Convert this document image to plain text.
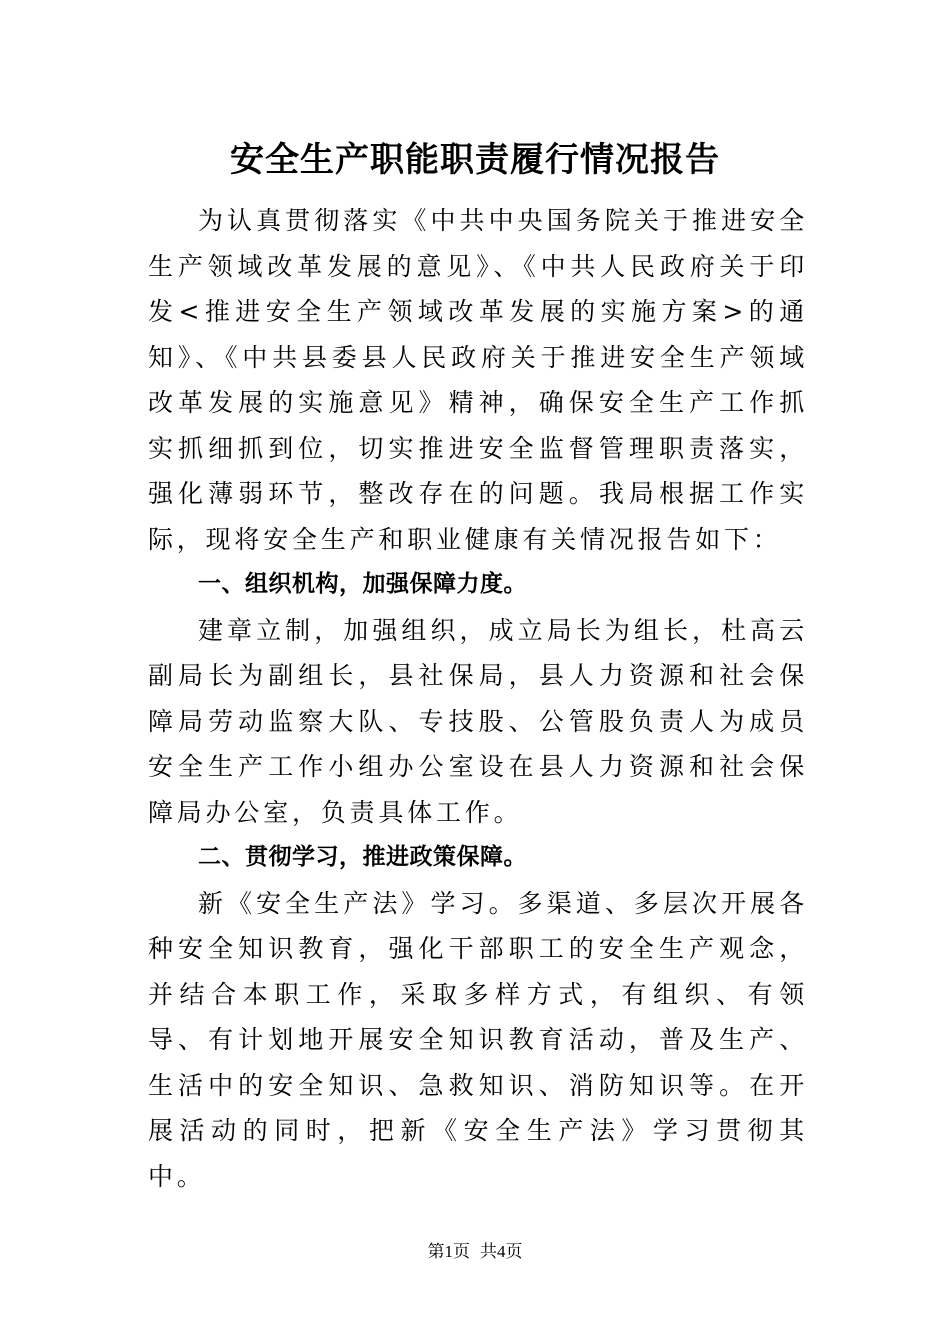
安全生产职能职责履行情况报告

为认真贯彻落实《中共中央国务院关于推进安全生产领域改革发展的意见》、《中共人民政府关于印发<推进安全生产领域改革发展的实施方案>的通知》、《中共县委县人民政府关于推进安全生产领域改革发展的实施意见》精神，确保安全生产工作抓实抓细抓到位，切实推进安全监督管理职责落实，强化薄弱环节，整改存在的问题。我局根据工作实际，现将安全生产和职业健康有关情况报告如下：

一、组织机构，加强保障力度。

建章立制，加强组织，成立局长为组长，杜高云副局长为副组长，县社保局，县人力资源和社会保障局劳动监察大队、专技股、公管股负责人为成员安全生产工作小组办公室设在县人力资源和社会保障局办公室，负责具体工作。

二、贯彻学习，推进政策保障。

新《安全生产法》学习。多渠道、多层次开展各种安全知识教育，强化干部职工的安全生产观念，并结合本职工作，采取多样方式，有组织、有领导、有计划地开展安全知识教育活动，普及生产、生活中的安全知识、急救知识、消防知识等。在开展活动的同时，把新《安全生产法》学习贯彻其中。

第1页 共4页
